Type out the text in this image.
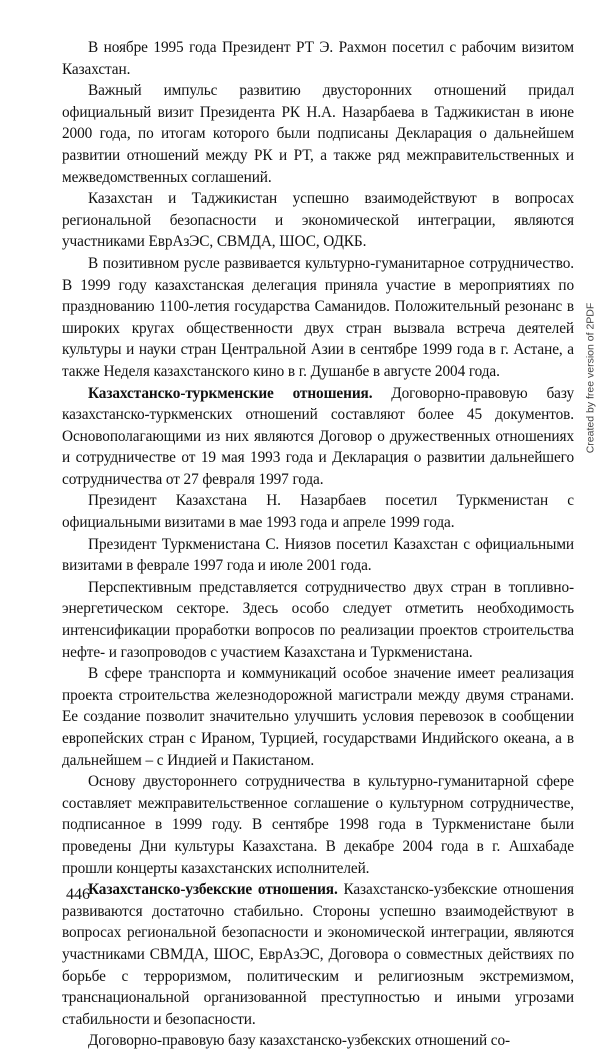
В ноябре 1995 года Президент РТ Э. Рахмон посетил с рабочим визитом Казахстан.

Важный импульс развитию двусторонних отношений придал официальный визит Президента РК Н.А. Назарбаева в Таджикистан в июне 2000 года, по итогам которого были подписаны Декларация о дальнейшем развитии отношений между РК и РТ, а также ряд межправительственных и межведомственных соглашений.

Казахстан и Таджикистан успешно взаимодействуют в вопросах региональной безопасности и экономической интеграции, являются участниками ЕврАзЭС, СВМДА, ШОС, ОДКБ.

В позитивном русле развивается культурно-гуманитарное сотрудничество. В 1999 году казахстанская делегация приняла участие в мероприятиях по празднованию 1100-летия государства Саманидов. Положительный резонанс в широких кругах общественности двух стран вызвала встреча деятелей культуры и науки стран Центральной Азии в сентябре 1999 года в г. Астане, а также Неделя казахстанского кино в г. Душанбе в августе 2004 года.

Казахстанско-туркменские отношения. Договорно-правовую базу казахстанско-туркменских отношений составляют более 45 документов. Основополагающими из них являются Договор о дружественных отношениях и сотрудничестве от 19 мая 1993 года и Декларация о развитии дальнейшего сотрудничества от 27 февраля 1997 года.

Президент Казахстана Н. Назарбаев посетил Туркменистан с официальными визитами в мае 1993 года и апреле 1999 года.

Президент Туркменистана С. Ниязов посетил Казахстан с официальными визитами в феврале 1997 года и июле 2001 года.

Перспективным представляется сотрудничество двух стран в топливно-энергетическом секторе. Здесь особо следует отметить необходимость интенсификации проработки вопросов по реализации проектов строительства нефте- и газопроводов с участием Казахстана и Туркменистана.

В сфере транспорта и коммуникаций особое значение имеет реализация проекта строительства железнодорожной магистрали между двумя странами. Ее создание позволит значительно улучшить условия перевозок в сообщении европейских стран с Ираном, Турцией, государствами Индийского океана, а в дальнейшем – с Индией и Пакистаном.

Основу двустороннего сотрудничества в культурно-гуманитарной сфере составляет межправительственное соглашение о культурном сотрудничестве, подписанное в 1999 году. В сентябре 1998 года в Туркменистане были проведены Дни культуры Казахстана. В декабре 2004 года в г. Ашхабаде прошли концерты казахстанских исполнителей.

Казахстанско-узбекские отношения. Казахстанско-узбекские отношения развиваются достаточно стабильно. Стороны успешно взаимодействуют в вопросах региональной безопасности и экономической интеграции, являются участниками СВМДА, ШОС, ЕврАзЭС, Договора о совместных действиях по борьбе с терроризмом, политическим и религиозным экстремизмом, транснациональной организованной преступностью и иными угрозами стабильности и безопасности.

Договорно-правовую базу казахстанско-узбекских отношений со-

446
Created by free version of 2PDF
